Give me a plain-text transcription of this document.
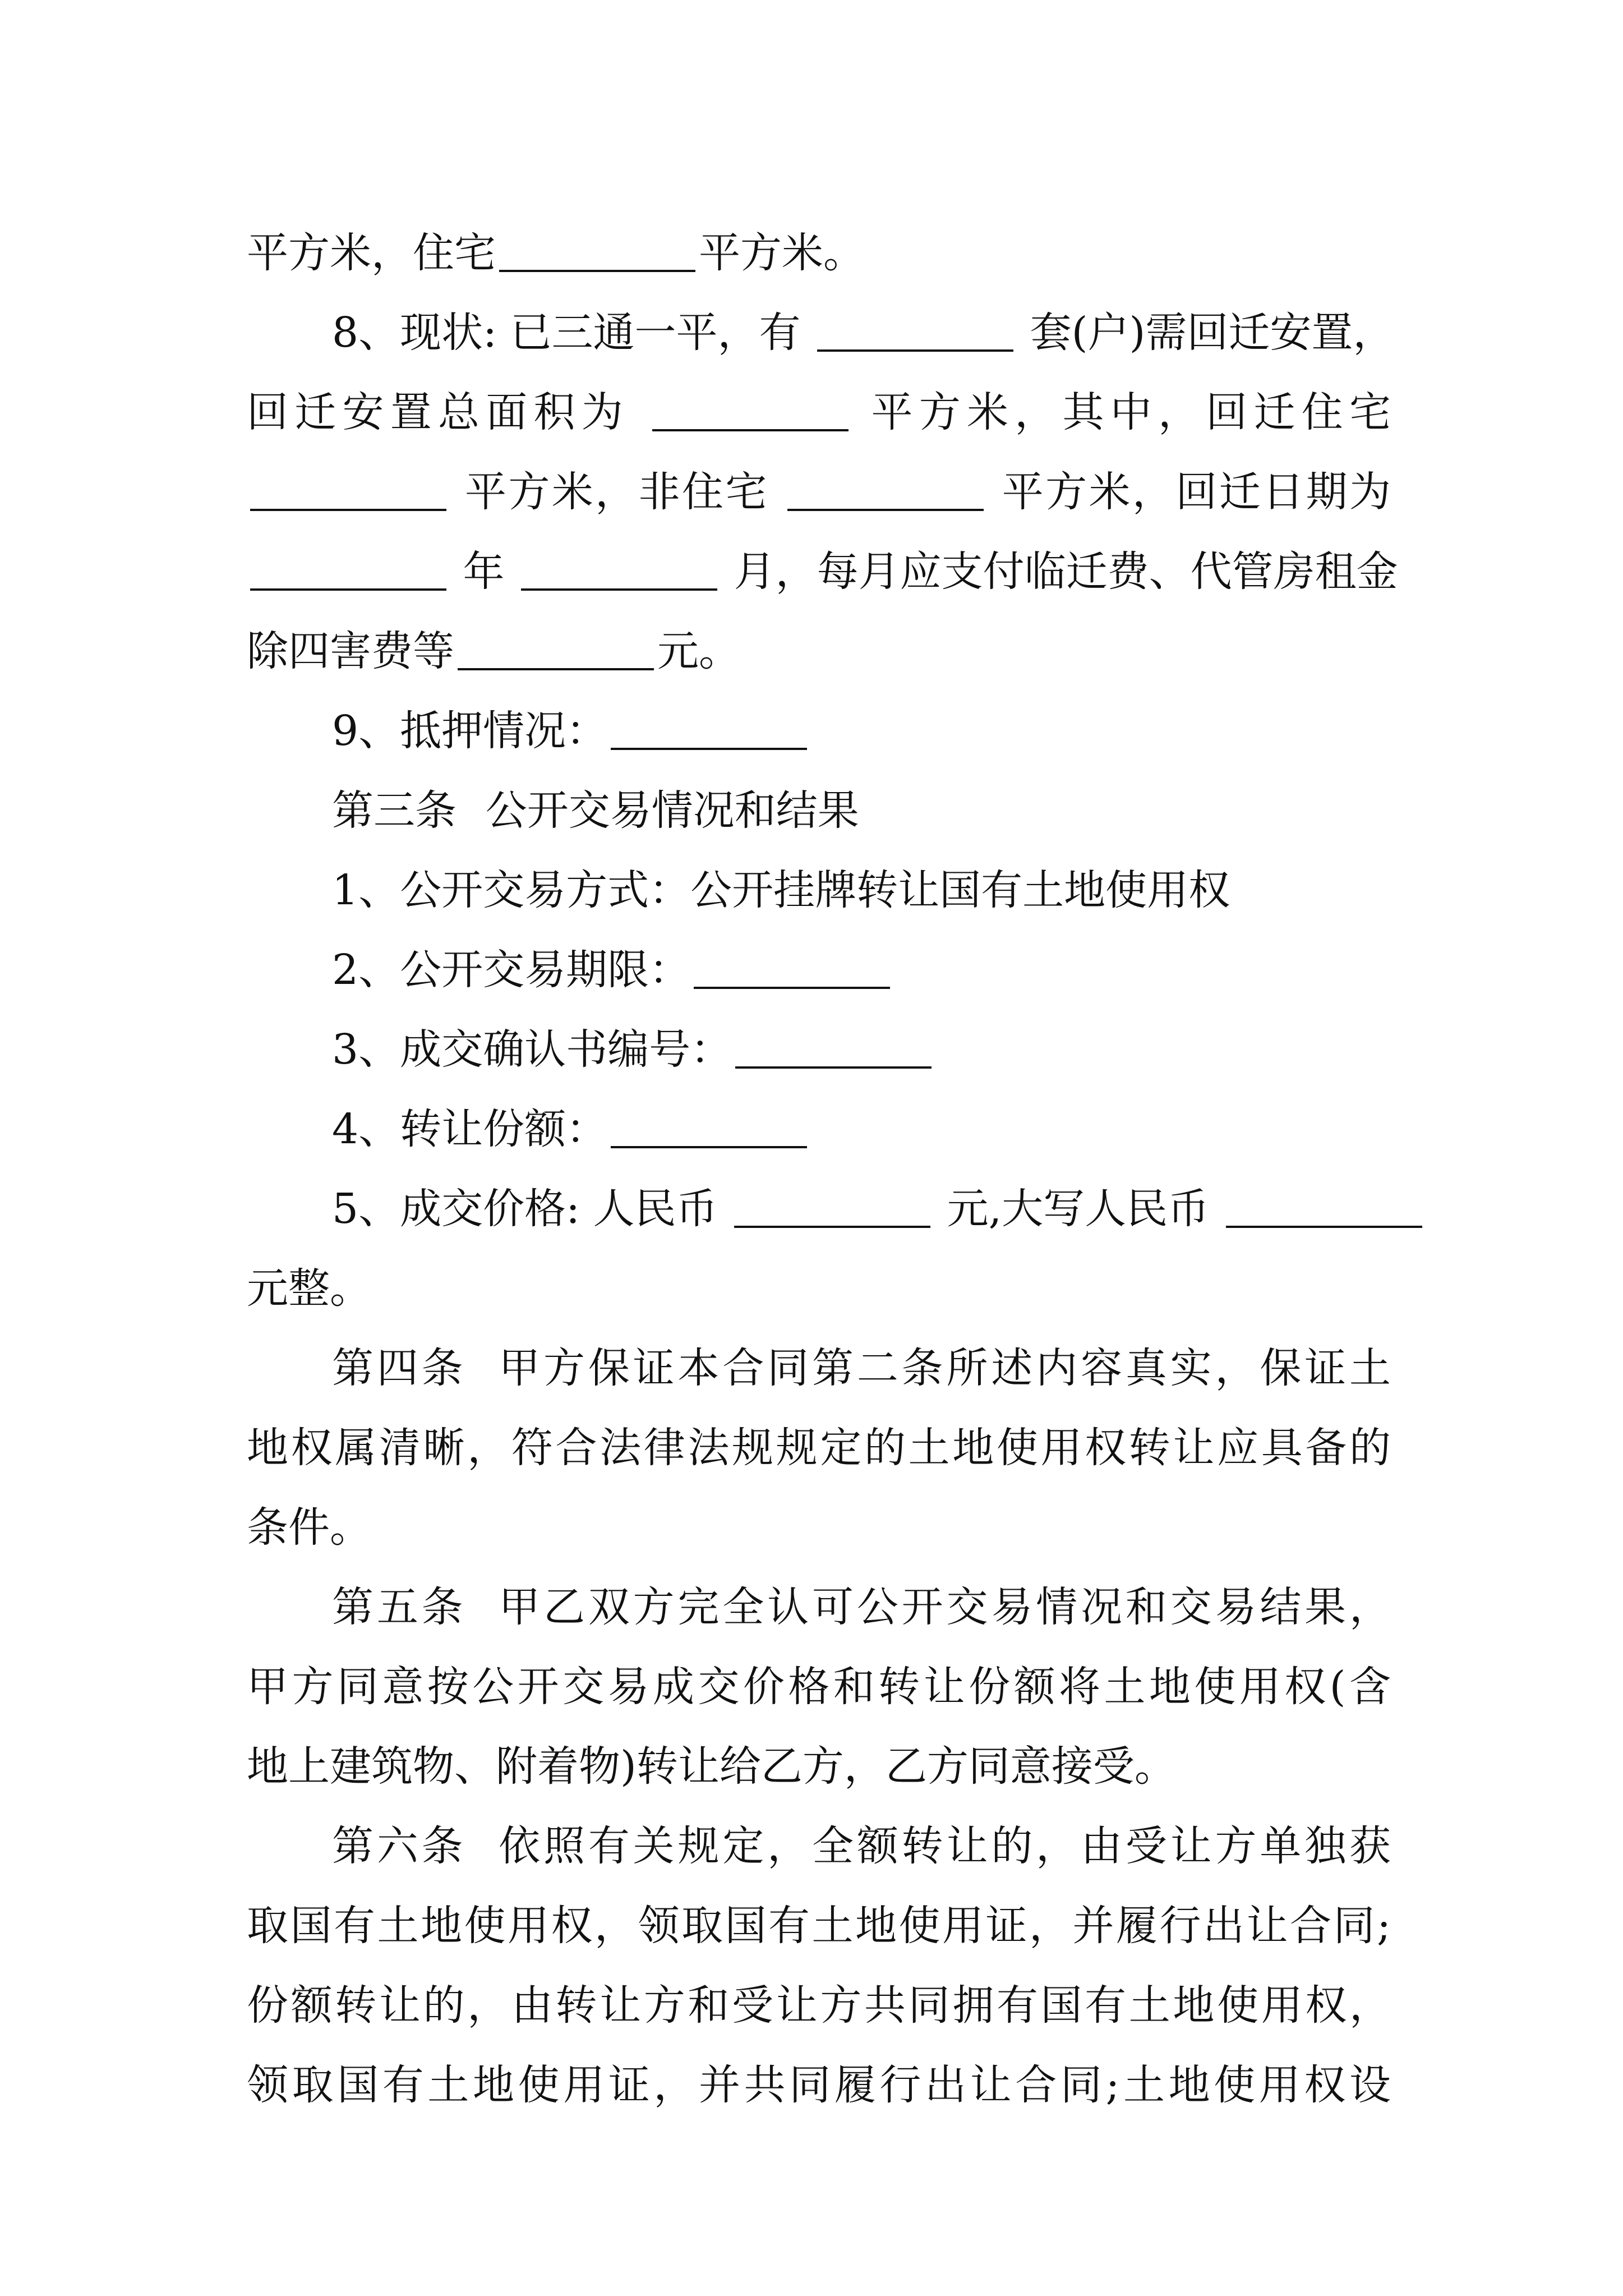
平方米，住宅	平方米。
8、现状: 已三通一平，有	套(户)需回迁安置，
回迁安置总面积为	平方米，其中，回迁住宅
平方米，非住宅	平方米，回迁日期为
年	月，每月应支付临迁费、代管房租金
除四害费等	元。
9、抵押情况：
第三条 公开交易情况和结果
1、公开交易方式：公开挂牌转让国有土地使用权
2、公开交易期限：
3、成交确认书编号：
4、转让份额：
5、成交价格: 人民币	元,大写人民币
元整。
第四条 甲方保证本合同第二条所述内容真实，保证土
地权属清晰，符合法律法规规定的土地使用权转让应具备的
条件。
第五条 甲乙双方完全认可公开交易情况和交易结果，
甲方同意按公开交易成交价格和转让份额将土地使用权(含
地上建筑物、附着物)转让给乙方，乙方同意接受。
第六条 依照有关规定，全额转让的，由受让方单独获
取国有土地使用权，领取国有土地使用证，并履行出让合同;
份额转让的，由转让方和受让方共同拥有国有土地使用权，
领取国有土地使用证，并共同履行出让合同;土地使用权设
